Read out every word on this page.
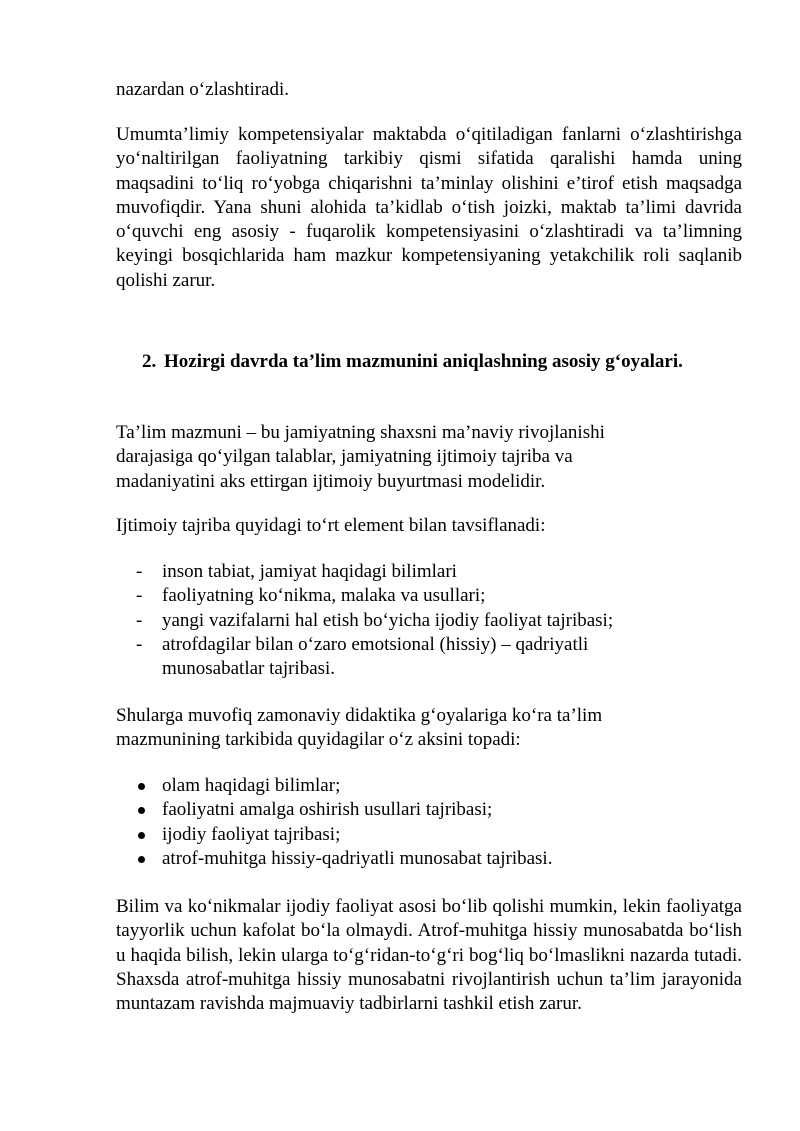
nazardan o‘zlashtiradi.

Umumta’limiy kompetensiyalar maktabda o‘qitiladigan fanlarni o‘zlashtirishga yo‘naltirilgan faoliyatning tarkibiy qismi sifatida qaralishi hamda uning maqsadini to‘liq ro‘yobga chiqarishni ta’minlay olishini e’tirof etish maqsadga muvofiqdir. Yana shuni alohida ta’kidlab o‘tish joizki, maktab ta’limi davrida o‘quvchi eng asosiy - fuqarolik kompetensiyasini o‘zlashtiradi va ta’limning keyingi bosqichlarida ham mazkur kompetensiyaning yetakchilik roli saqlanib qolishi zarur.

2. Hozirgi davrda ta’lim mazmunini aniqlashning asosiy g‘oyalari.

Ta’lim mazmuni – bu jamiyatning shaxsni ma’naviy rivojlanishi darajasiga qo‘yilgan talablar, jamiyatning ijtimoiy tajriba va madaniyatini aks ettirgan ijtimoiy buyurtmasi modelidir.

Ijtimoiy tajriba quyidagi to‘rt element bilan tavsiflanadi:

- inson tabiat, jamiyat haqidagi bilimlari
- faoliyatning ko‘nikma, malaka va usullari;
- yangi vazifalarni hal etish bo‘yicha ijodiy faoliyat tajribasi;
- atrofdagilar bilan o‘zaro emotsional (hissiy) – qadriyatli munosabatlar tajribasi.

Shularga muvofiq zamonaviy didaktika g‘oyalariga ko‘ra ta’lim mazmunining tarkibida quyidagilar o‘z aksini topadi:

olam haqidagi bilimlar;
faoliyatni amalga oshirish usullari tajribasi;
ijodiy faoliyat tajribasi;
atrof-muhitga hissiy-qadriyatli munosabat tajribasi.

Bilim va ko‘nikmalar ijodiy faoliyat asosi bo‘lib qolishi mumkin, lekin faoliyatga tayyorlik uchun kafolat bo‘la olmaydi. Atrof-muhitga hissiy munosabatda bo‘lish u haqida bilish, lekin ularga to‘g‘ridan-to‘g‘ri bog‘liq bo‘lmaslikni nazarda tutadi. Shaxsda atrof-muhitga hissiy munosabatni rivojlantirish uchun ta’lim jarayonida muntazam ravishda majmuaviy tadbirlarni tashkil etish zarur.
